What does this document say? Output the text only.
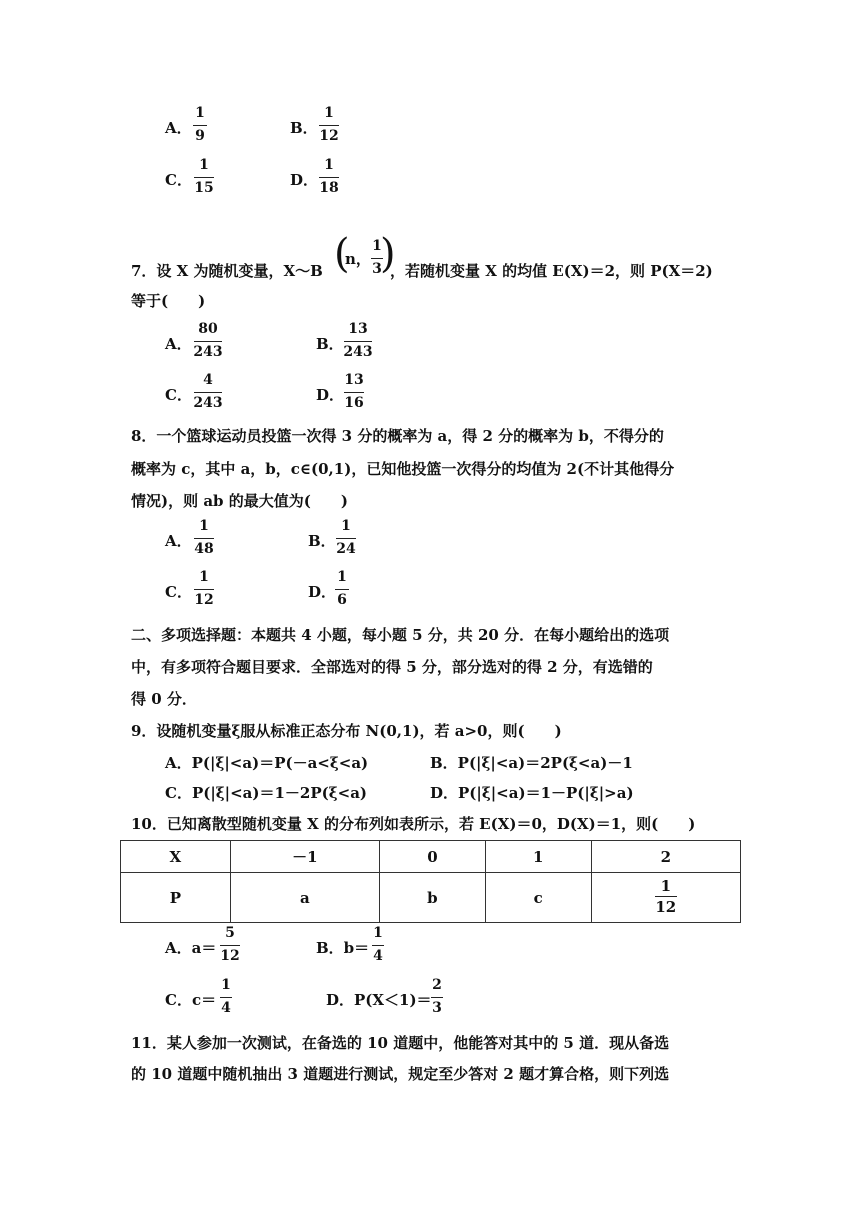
A．
1
9	B．
1
12
C．
1
15	D．
1
18
7．设 X 为随机变量，X～B (
n，
1
3
)
，若随机变量 X 的均值 E(X)＝2，则 P(X＝2)
等于(　　)
A．
80
243	B．
13
243
C．
4
243	D．
13
16
8．一个篮球运动员投篮一次得 3 分的概率为 a，得 2 分的概率为 b，不得分的
概率为 c，其中 a，b，c∈(0,1)，已知他投篮一次得分的均值为 2(不计其他得分
情况)，则 ab 的最大值为(　　)
A．
1
48	B．
1
24
C．
1
12	D．
1
6
二、多项选择题：本题共 4 小题，每小题 5 分，共 20 分．在每小题给出的选项
中，有多项符合题目要求．全部选对的得 5 分，部分选对的得 2 分，有选错的
得 0 分．
9．设随机变量ξ服从标准正态分布 N(0,1)，若 a>0，则(　　)
A．P(|ξ|<a)＝P(－a<ξ<a)	B．P(|ξ|<a)＝2P(ξ<a)－1
C．P(|ξ|<a)＝1－2P(ξ<a)	D．P(|ξ|<a)＝1－P(|ξ|>a)
10．已知离散型随机变量 X 的分布列如表所示，若 E(X)＝0，D(X)＝1，则(　　)
X	－1	0	1	2
P	a	b	c	$\frac{1}{12}$
A．a＝
5
12	B．b＝
1
4
C．c＝
1
4	D．P(X＜1)＝
2
3
11．某人参加一次测试，在备选的 10 道题中，他能答对其中的 5 道．现从备选
的 10 道题中随机抽出 3 道题进行测试，规定至少答对 2 题才算合格，则下列选
